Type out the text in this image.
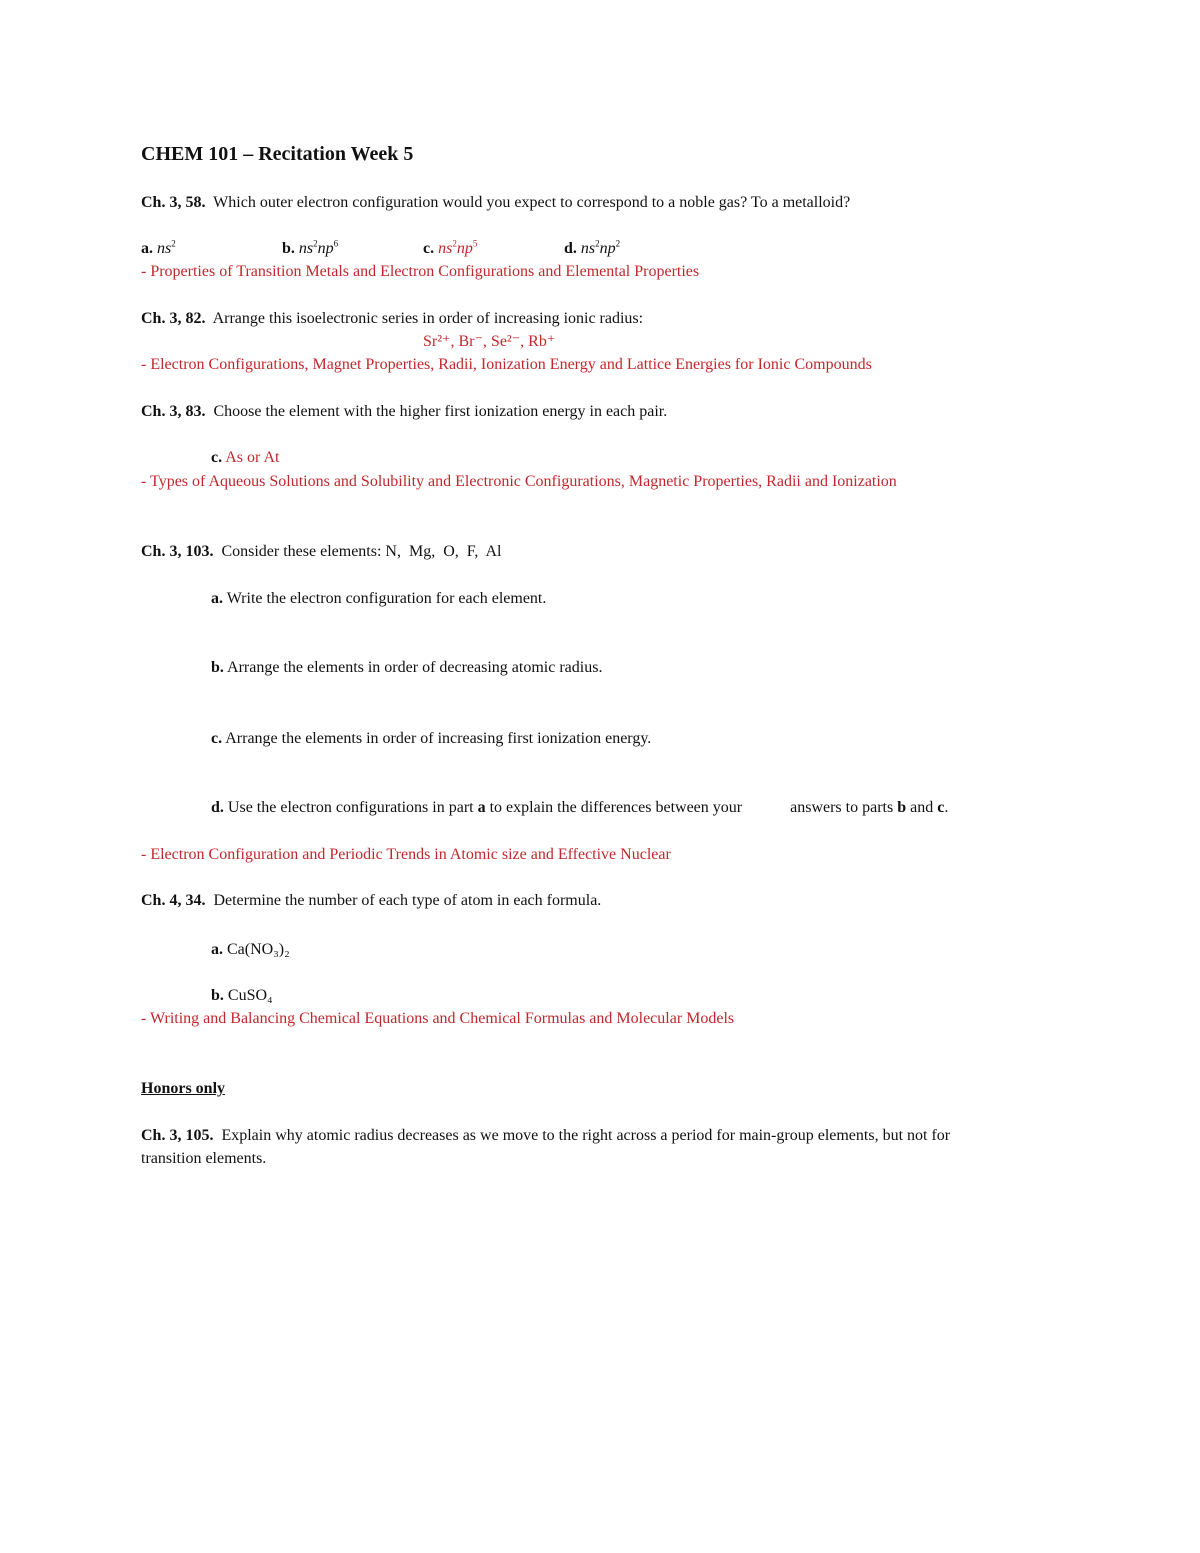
CHEM 101 – Recitation Week 5
Ch. 3, 58. Which outer electron configuration would you expect to correspond to a noble gas? To a metalloid?
a. $ns^2$	b. $ns^2np^6$	c. $ns^2np^5$	d. $ns^2np^2$
- Properties of Transition Metals and Electron Configurations and Elemental Properties
Ch. 3, 82. Arrange this isoelectronic series in order of increasing ionic radius:
Sr²⁺, Br⁻, Se²⁻, Rb⁺
- Electron Configurations, Magnet Properties, Radii, Ionization Energy and Lattice Energies for Ionic Compounds
Ch. 3, 83. Choose the element with the higher first ionization energy in each pair.
c. As or At
- Types of Aqueous Solutions and Solubility and Electronic Configurations, Magnetic Properties, Radii and Ionization
Ch. 3, 103. Consider these elements: N,  Mg,  O,  F,  Al
a. Write the electron configuration for each element.
b. Arrange the elements in order of decreasing atomic radius.
c. Arrange the elements in order of increasing first ionization energy.
d. Use the electron configurations in part a to explain the differences between your	answers to parts b and c.
- Electron Configuration and Periodic Trends in Atomic size and Effective Nuclear
Ch. 4, 34. Determine the number of each type of atom in each formula.
a. Ca(NO₃)₂
b. CuSO₄
- Writing and Balancing Chemical Equations and Chemical Formulas and Molecular Models
Honors only
Ch. 3, 105. Explain why atomic radius decreases as we move to the right across a period for main-group elements, but not for
transition elements.
